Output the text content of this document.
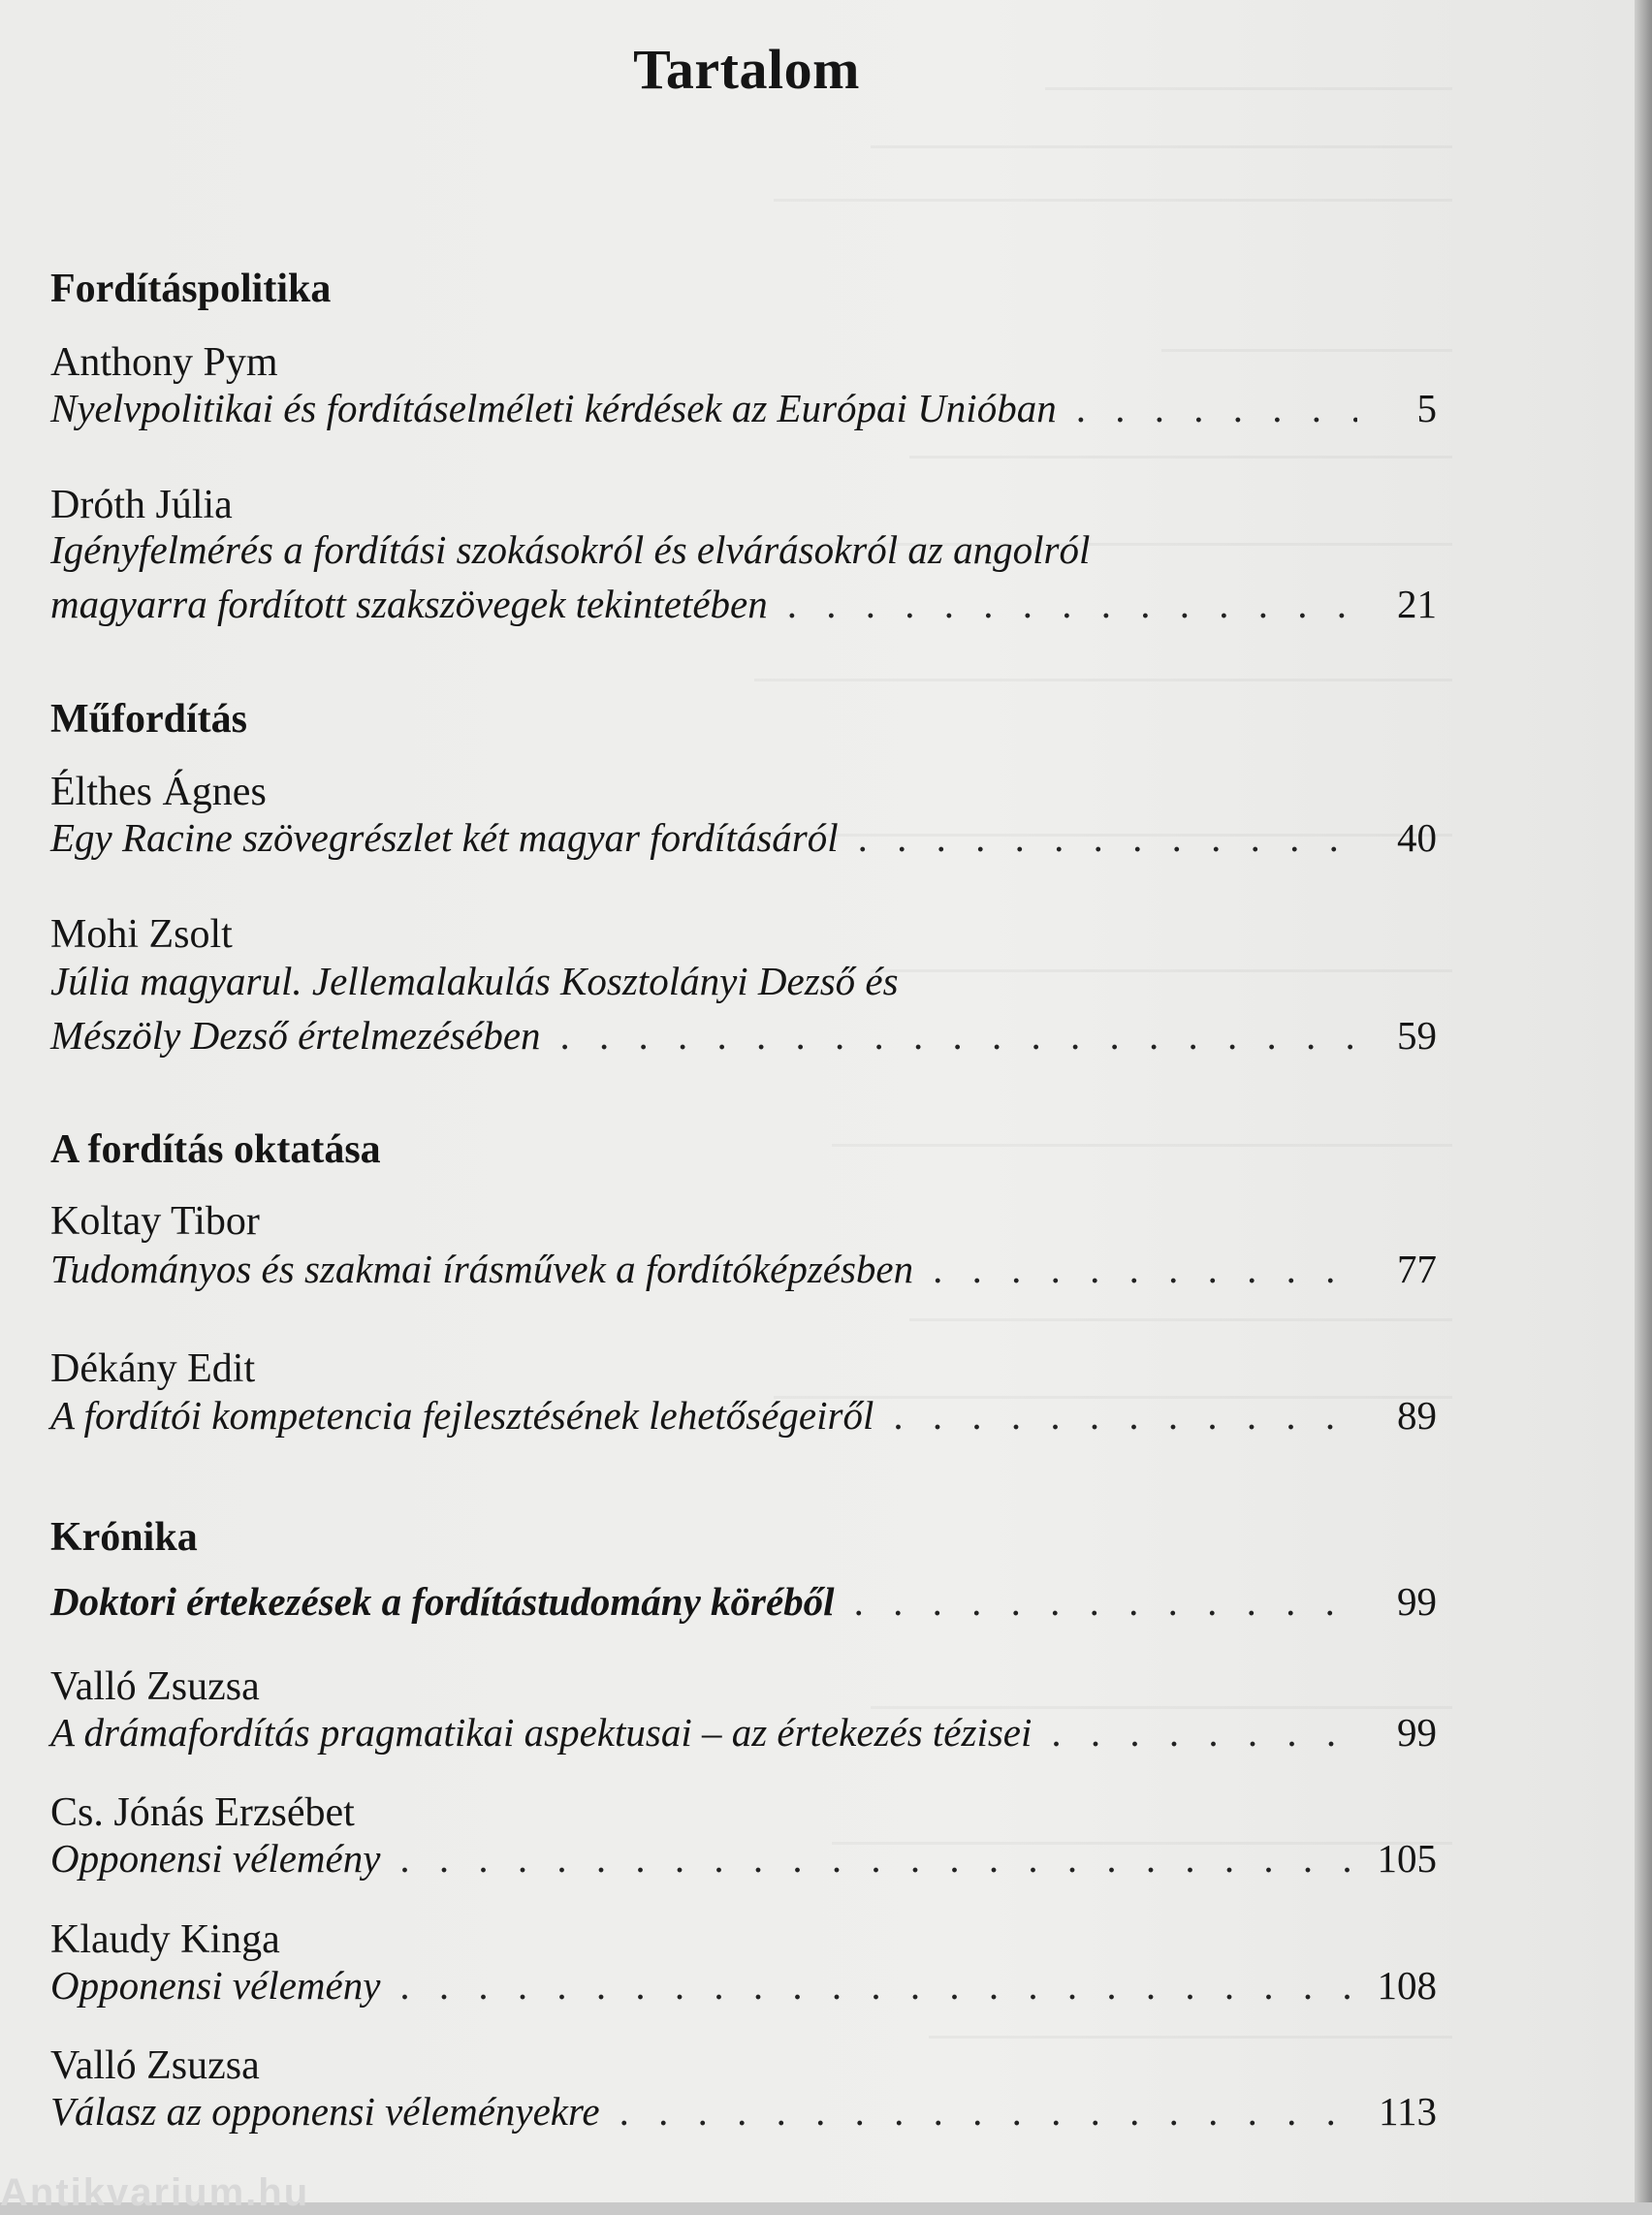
Tartalom
Fordításpolitika
Anthony Pym
Nyelvpolitikai és fordításelméleti kérdések az Európai Unióban . . .	5
Dróth Júlia
Igényfelmérés a fordítási szokásokról és elvárásokról az angolról
magyarra fordított szakszövegek tekintetében . . .	21
Műfordítás
Élthes Ágnes
Egy Racine szövegrészlet két magyar fordításáról . . .	40
Mohi Zsolt
Júlia magyarul. Jellemalakulás Kosztolányi Dezső és
Mészöly Dezső értelmezésében . . .	59
A fordítás oktatása
Koltay Tibor
Tudományos és szakmai írásművek a fordítóképzésben . . .	77
Dékány Edit
A fordítói kompetencia fejlesztésének lehetőségeiről . . .	89
Krónika
Doktori értekezések a fordítástudomány köréből . . .	99
Valló Zsuzsa
A drámafordítás pragmatikai aspektusai – az értekezés tézisei . . .	99
Cs. Jónás Erzsébet
Opponensi vélemény . . .	105
Klaudy Kinga
Opponensi vélemény . . .	108
Valló Zsuzsa
Válasz az opponensi véleményekre . . .	113
Antikvarium.hu
